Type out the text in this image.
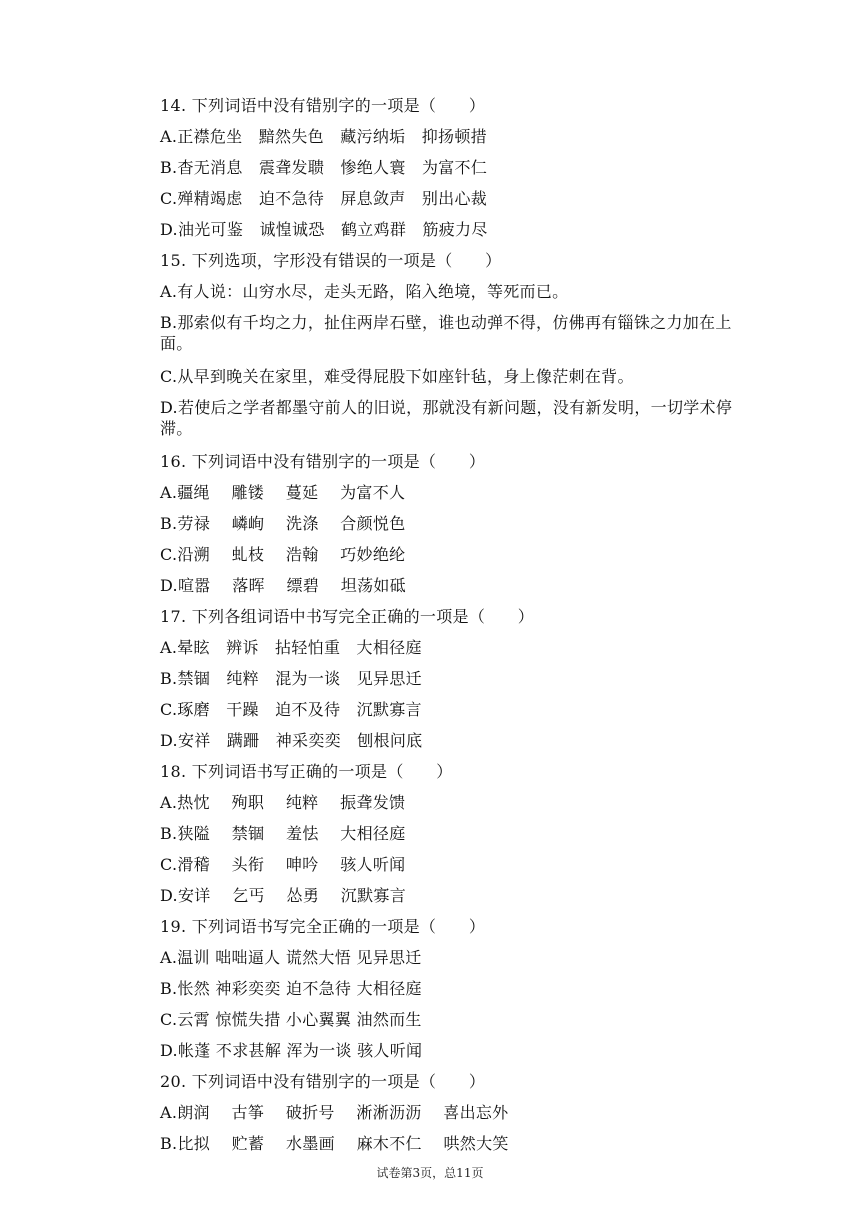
14. 下列词语中没有错别字的一项是（　　）
A.正襟危坐　黯然失色　藏污纳垢　抑扬顿措
B.杳无消息　震聋发聩　惨绝人寰　为富不仁
C.殚精竭虑　迫不急待　屏息敛声　别出心裁
D.油光可鉴　诚惶诚恐　鹤立鸡群　筋疲力尽
15. 下列选项，字形没有错误的一项是（　　）
A.有人说：山穷水尽，走头无路，陷入绝境，等死而已。
B.那索似有千均之力，扯住两岸石壁，谁也动弹不得，仿佛再有锱铢之力加在上面。
C.从早到晚关在家里，难受得屁股下如座针毡，身上像茫刺在背。
D.若使后之学者都墨守前人的旧说，那就没有新问题，没有新发明，一切学术停滞。
16. 下列词语中没有错别字的一项是（　　）
A.疆绳　 雕镂　 蔓延　 为富不人
B.劳禄　 嶙峋　 洗涤　 合颜悦色
C.沿溯　 虬枝　 浩翰　 巧妙绝纶
D.喧嚣　 落晖　 缥碧　 坦荡如砥
17. 下列各组词语中书写完全正确的一项是（　　）
A.晕眩　辨诉　拈轻怕重　大相径庭
B.禁锢　纯粹　混为一谈　见异思迁
C.琢磨　干躁　迫不及待　沉默寡言
D.安祥　蹒跚　神采奕奕　刨根问底
18. 下列词语书写正确的一项是（　　）
A.热忱　 殉职　 纯粹　 振聋发馈
B.狭隘　 禁锢　 羞怯　 大相径庭
C.滑稽　 头衔　 呻吟　 骇人听闻
D.安详　 乞丐　 怂勇　 沉默寡言
19. 下列词语书写完全正确的一项是（　　）
A.温训 咄咄逼人 谎然大悟 见异思迁
B.怅然 神彩奕奕 迫不急待 大相径庭
C.云霄 惊慌失措 小心翼翼 油然而生
D.帐蓬 不求甚解 浑为一谈 骇人听闻
20. 下列词语中没有错别字的一项是（　　）
A.朗润　 古筝　 破折号　 淅淅沥沥　 喜出忘外
B.比拟　 贮蓄　 水墨画　 麻木不仁　 哄然大笑
试卷第3页，总11页
